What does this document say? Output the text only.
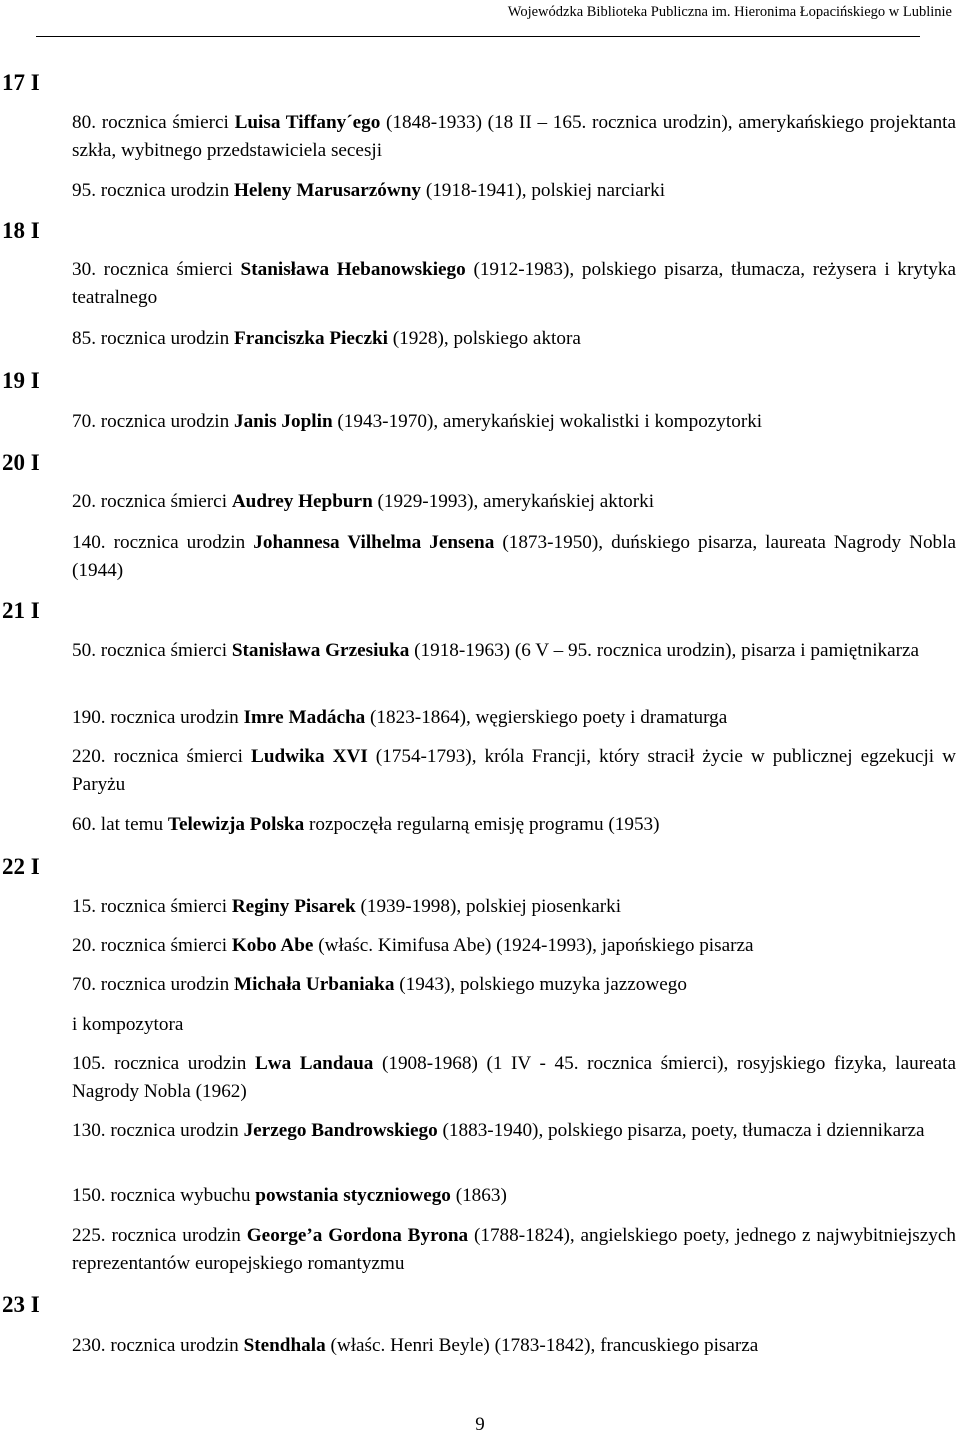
Wojewódzka Biblioteka Publiczna im. Hieronima Łopacińskiego w Lublinie
17 I
18 I
19 I
20 I
21 I
22 I
23 I
80. rocznica śmierci Luisa Tiffany´ego (1848-1933) (18 II – 165. rocznica urodzin), amerykańskiego projektanta szkła, wybitnego przedstawiciela secesji
95. rocznica urodzin Heleny Marusarzówny (1918-1941), polskiej narciarki
30. rocznica śmierci Stanisława Hebanowskiego (1912-1983), polskiego pisarza, tłumacza, reżysera i krytyka teatralnego
85. rocznica urodzin Franciszka Pieczki (1928), polskiego aktora
70. rocznica urodzin Janis Joplin (1943-1970), amerykańskiej wokalistki i kompozytorki
20. rocznica śmierci Audrey Hepburn (1929-1993), amerykańskiej aktorki
140. rocznica urodzin Johannesa Vilhelma Jensena (1873-1950), duńskiego pisarza, laureata Nagrody Nobla (1944)
50. rocznica śmierci Stanisława Grzesiuka (1918-1963) (6 V – 95. rocznica urodzin), pisarza i pamiętnikarza
190. rocznica urodzin Imre Madácha (1823-1864), węgierskiego poety i dramaturga
220. rocznica śmierci Ludwika XVI (1754-1793), króla Francji, który stracił życie w publicznej egzekucji w Paryżu
60. lat temu Telewizja Polska rozpoczęła regularną emisję programu (1953)
15. rocznica śmierci Reginy Pisarek (1939-1998), polskiej piosenkarki
20. rocznica śmierci Kobo Abe (właśc. Kimifusa Abe) (1924-1993), japońskiego pisarza
70. rocznica urodzin Michała Urbaniaka (1943), polskiego muzyka jazzowego
i kompozytora
105. rocznica urodzin Lwa Landaua (1908-1968) (1 IV - 45. rocznica śmierci), rosyjskiego fizyka, laureata Nagrody Nobla (1962)
130. rocznica urodzin Jerzego Bandrowskiego (1883-1940), polskiego pisarza, poety, tłumacza i dziennikarza
150. rocznica wybuchu powstania styczniowego (1863)
225. rocznica urodzin George’a Gordona Byrona (1788-1824), angielskiego poety, jednego z najwybitniejszych reprezentantów europejskiego romantyzmu
230. rocznica urodzin Stendhala (właśc. Henri Beyle) (1783-1842), francuskiego pisarza
9
